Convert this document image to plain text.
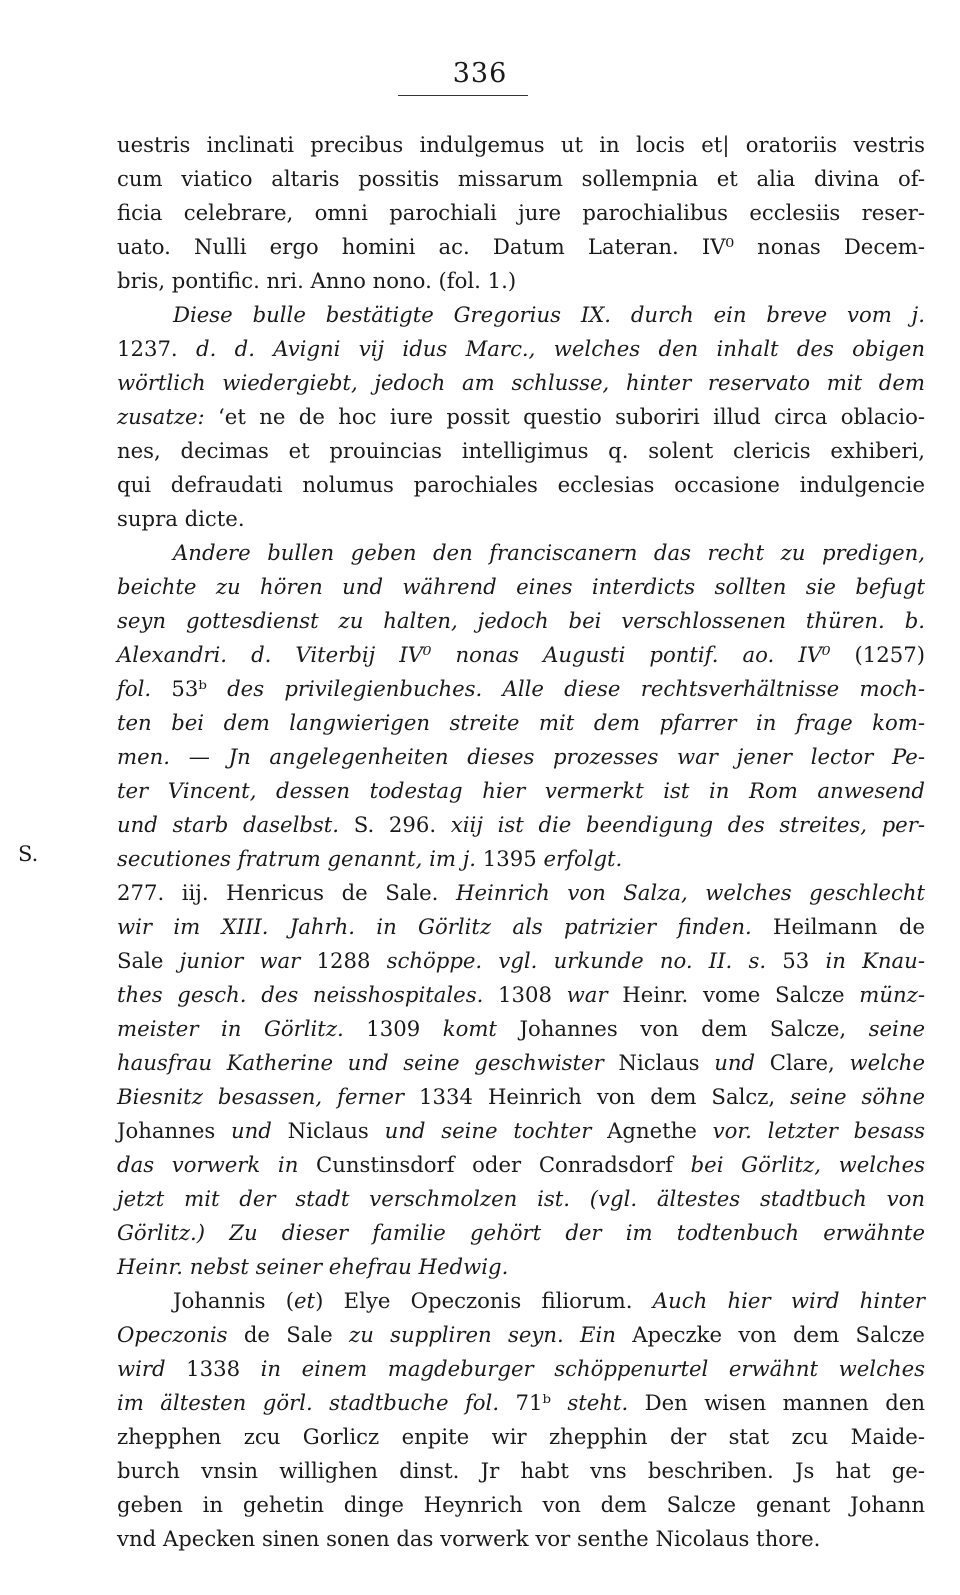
336
S.
uestris inclinati precibus indulgemus ut in locis et| oratoriis vestris
cum viatico altaris possitis missarum sollempnia et alia divina of-
ficia celebrare, omni parochiali jure parochialibus ecclesiis reser-
uato. Nulli ergo homini ac. Datum Lateran. IV⁰ nonas Decem-
bris, pontific. nri. Anno nono. (fol. 1.)
Diese bulle bestätigte Gregorius IX. durch ein breve vom j.
1237. d. d. Avigni vij idus Marc., welches den inhalt des obigen
wörtlich wiedergiebt, jedoch am schlusse, hinter reservato mit dem
zusatze: ‘et ne de hoc iure possit questio suboriri illud circa oblacio-
nes, decimas et prouincias intelligimus q. solent clericis exhiberi,
qui defraudati nolumus parochiales ecclesias occasione indulgencie
supra dicte.
Andere bullen geben den franciscanern das recht zu predigen,
beichte zu hören und während eines interdicts sollten sie befugt
seyn gottesdienst zu halten, jedoch bei verschlossenen thüren. b.
Alexandri. d. Viterbij IV⁰ nonas Augusti pontif. ao. IV⁰ (1257)
fol. 53ᵇ des privilegienbuches. Alle diese rechtsverhältnisse moch-
ten bei dem langwierigen streite mit dem pfarrer in frage kom-
men. — Jn angelegenheiten dieses prozesses war jener lector Pe-
ter Vincent, dessen todestag hier vermerkt ist in Rom anwesend
und starb daselbst. S. 296. xiij ist die beendigung des streites, per-
secutiones fratrum genannt, im j. 1395 erfolgt.
277. iij. Henricus de Sale. Heinrich von Salza, welches geschlecht
wir im XIII. Jahrh. in Görlitz als patrizier finden. Heilmann de
Sale junior war 1288 schöppe. vgl. urkunde no. II. s. 53 in Knau-
thes gesch. des neisshospitales. 1308 war Heinr. vome Salcze münz-
meister in Görlitz. 1309 komt Johannes von dem Salcze, seine
hausfrau Katherine und seine geschwister Niclaus und Clare, welche
Biesnitz besassen, ferner 1334 Heinrich von dem Salcz, seine söhne
Johannes und Niclaus und seine tochter Agnethe vor. letzter besass
das vorwerk in Cunstinsdorf oder Conradsdorf bei Görlitz, welches
jetzt mit der stadt verschmolzen ist. (vgl. ältestes stadtbuch von
Görlitz.) Zu dieser familie gehört der im todtenbuch erwähnte
Heinr. nebst seiner ehefrau Hedwig.
Johannis (et) Elye Opeczonis filiorum. Auch hier wird hinter
Opeczonis de Sale zu suppliren seyn. Ein Apeczke von dem Salcze
wird 1338 in einem magdeburger schöppenurtel erwähnt welches
im ältesten görl. stadtbuche fol. 71ᵇ steht. Den wisen mannen den
zhepphen zcu Gorlicz enpite wir zhepphin der stat zcu Maide-
burch vnsin willighen dinst. Jr habt vns beschriben. Js hat ge-
geben in gehetin dinge Heynrich von dem Salcze genant Johann
vnd Apecken sinen sonen das vorwerk vor senthe Nicolaus thore.
